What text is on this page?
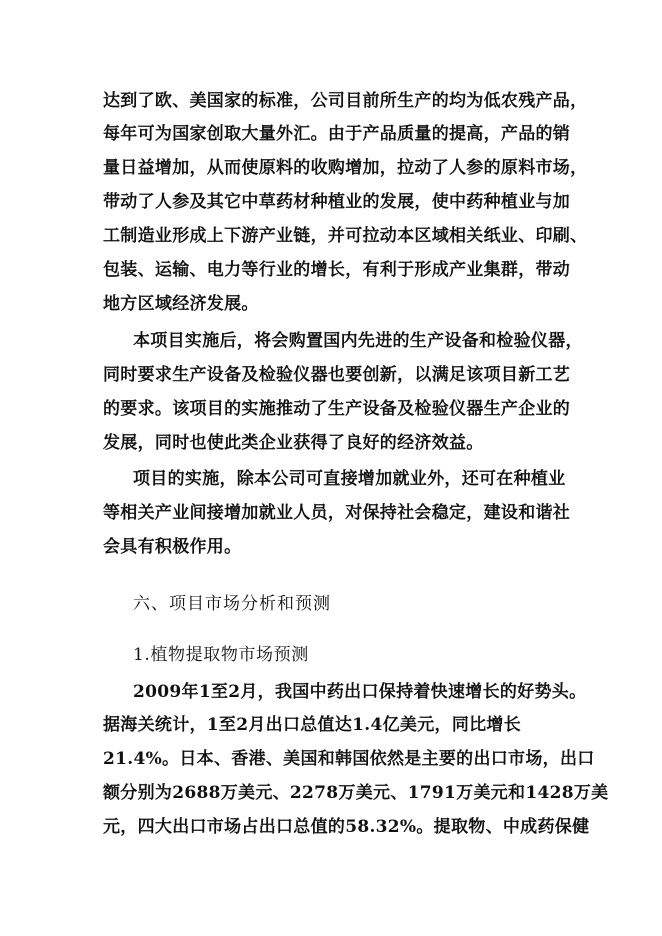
达到了欧、美国家的标准，公司目前所生产的均为低农残产品，
每年可为国家创取大量外汇。由于产品质量的提高，产品的销
量日益增加，从而使原料的收购增加，拉动了人参的原料市场，
带动了人参及其它中草药材种植业的发展，使中药种植业与加
工制造业形成上下游产业链，并可拉动本区域相关纸业、印刷、
包装、运输、电力等行业的增长，有利于形成产业集群，带动
地方区域经济发展。
本项目实施后，将会购置国内先进的生产设备和检验仪器，
同时要求生产设备及检验仪器也要创新，以满足该项目新工艺
的要求。该项目的实施推动了生产设备及检验仪器生产企业的
发展，同时也使此类企业获得了良好的经济效益。
项目的实施，除本公司可直接增加就业外，还可在种植业
等相关产业间接增加就业人员，对保持社会稳定，建设和谐社
会具有积极作用。
六、项目市场分析和预测
1.植物提取物市场预测
2009年1至2月，我国中药出口保持着快速增长的好势头。
据海关统计，1至2月出口总值达1.4亿美元，同比增长
21.4%。日本、香港、美国和韩国依然是主要的出口市场，出口
额分别为2688万美元、2278万美元、1791万美元和1428万美
元，四大出口市场占出口总值的58.32%。提取物、中成药保健
